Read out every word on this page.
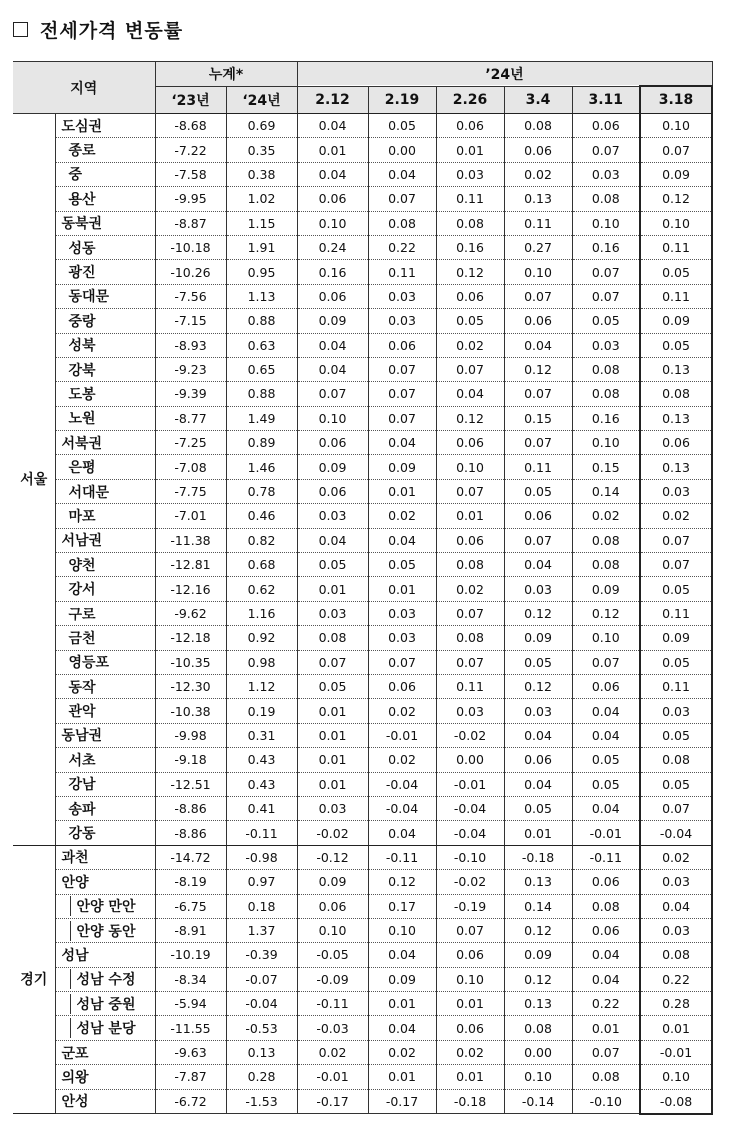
전세가격 변동률
지역		누계*		’24년					
		‘23년	‘24년	2.12	2.19	2.26	3.4	3.11	3.18
서울	도심권	-8.68	0.69	0.04	0.05	0.06	0.08	0.06	0.10
	종로	-7.22	0.35	0.01	0.00	0.01	0.06	0.07	0.07
	중	-7.58	0.38	0.04	0.04	0.03	0.02	0.03	0.09
	용산	-9.95	1.02	0.06	0.07	0.11	0.13	0.08	0.12
	동북권	-8.87	1.15	0.10	0.08	0.08	0.11	0.10	0.10
	성동	-10.18	1.91	0.24	0.22	0.16	0.27	0.16	0.11
	광진	-10.26	0.95	0.16	0.11	0.12	0.10	0.07	0.05
	동대문	-7.56	1.13	0.06	0.03	0.06	0.07	0.07	0.11
	중랑	-7.15	0.88	0.09	0.03	0.05	0.06	0.05	0.09
	성북	-8.93	0.63	0.04	0.06	0.02	0.04	0.03	0.05
	강북	-9.23	0.65	0.04	0.07	0.07	0.12	0.08	0.13
	도봉	-9.39	0.88	0.07	0.07	0.04	0.07	0.08	0.08
	노원	-8.77	1.49	0.10	0.07	0.12	0.15	0.16	0.13
	서북권	-7.25	0.89	0.06	0.04	0.06	0.07	0.10	0.06
	은평	-7.08	1.46	0.09	0.09	0.10	0.11	0.15	0.13
	서대문	-7.75	0.78	0.06	0.01	0.07	0.05	0.14	0.03
	마포	-7.01	0.46	0.03	0.02	0.01	0.06	0.02	0.02
	서남권	-11.38	0.82	0.04	0.04	0.06	0.07	0.08	0.07
	양천	-12.81	0.68	0.05	0.05	0.08	0.04	0.08	0.07
	강서	-12.16	0.62	0.01	0.01	0.02	0.03	0.09	0.05
	구로	-9.62	1.16	0.03	0.03	0.07	0.12	0.12	0.11
	금천	-12.18	0.92	0.08	0.03	0.08	0.09	0.10	0.09
	영등포	-10.35	0.98	0.07	0.07	0.07	0.05	0.07	0.05
	동작	-12.30	1.12	0.05	0.06	0.11	0.12	0.06	0.11
	관악	-10.38	0.19	0.01	0.02	0.03	0.03	0.04	0.03
	동남권	-9.98	0.31	0.01	-0.01	-0.02	0.04	0.04	0.05
	서초	-9.18	0.43	0.01	0.02	0.00	0.06	0.05	0.08
	강남	-12.51	0.43	0.01	-0.04	-0.01	0.04	0.05	0.05
	송파	-8.86	0.41	0.03	-0.04	-0.04	0.05	0.04	0.07
	강동	-8.86	-0.11	-0.02	0.04	-0.04	0.01	-0.01	-0.04
경기	과천	-14.72	-0.98	-0.12	-0.11	-0.10	-0.18	-0.11	0.02
	안양	-8.19	0.97	0.09	0.12	-0.02	0.13	0.06	0.03
	안양 만안	-6.75	0.18	0.06	0.17	-0.19	0.14	0.08	0.04
	안양 동안	-8.91	1.37	0.10	0.10	0.07	0.12	0.06	0.03
	성남	-10.19	-0.39	-0.05	0.04	0.06	0.09	0.04	0.08
	성남 수정	-8.34	-0.07	-0.09	0.09	0.10	0.12	0.04	0.22
	성남 중원	-5.94	-0.04	-0.11	0.01	0.01	0.13	0.22	0.28
	성남 분당	-11.55	-0.53	-0.03	0.04	0.06	0.08	0.01	0.01
	군포	-9.63	0.13	0.02	0.02	0.02	0.00	0.07	-0.01
	의왕	-7.87	0.28	-0.01	0.01	0.01	0.10	0.08	0.10
	안성	-6.72	-1.53	-0.17	-0.17	-0.18	-0.14	-0.10	-0.08
